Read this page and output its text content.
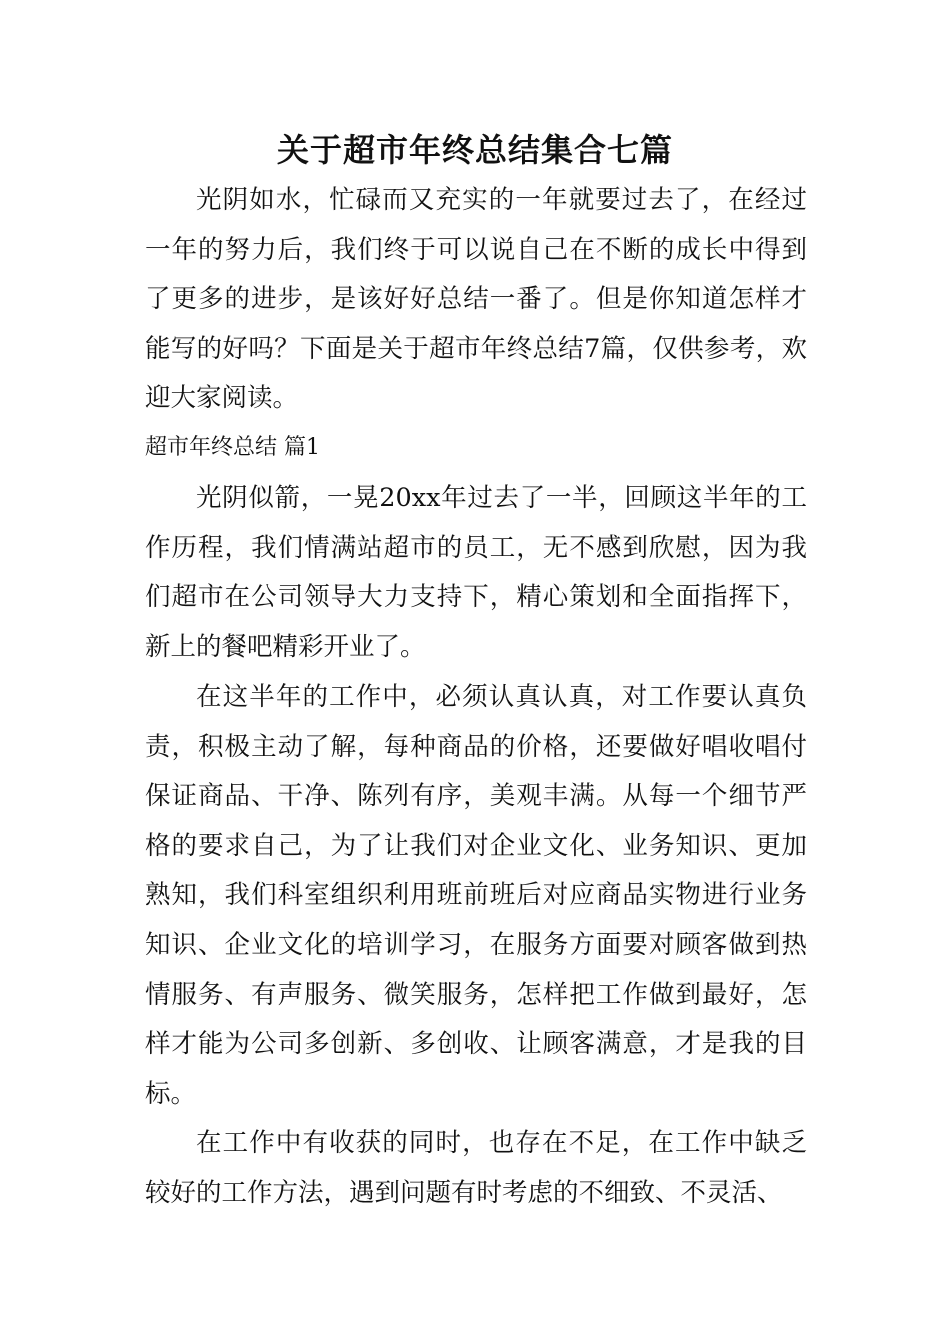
关于超市年终总结集合七篇

光阴如水，忙碌而又充实的一年就要过去了，在经过一年的努力后，我们终于可以说自己在不断的成长中得到了更多的进步，是该好好总结一番了。但是你知道怎样才能写的好吗？下面是关于超市年终总结7篇，仅供参考，欢迎大家阅读。

超市年终总结 篇1

光阴似箭，一晃20xx年过去了一半，回顾这半年的工作历程，我们情满站超市的员工，无不感到欣慰，因为我们超市在公司领导大力支持下，精心策划和全面指挥下，新上的餐吧精彩开业了。

在这半年的工作中，必须认真认真，对工作要认真负责，积极主动了解，每种商品的价格，还要做好唱收唱付保证商品、干净、陈列有序，美观丰满。从每一个细节严格的要求自己，为了让我们对企业文化、业务知识、更加熟知，我们科室组织利用班前班后对应商品实物进行业务知识、企业文化的培训学习，在服务方面要对顾客做到热情服务、有声服务、微笑服务，怎样把工作做到最好，怎样才能为公司多创新、多创收、让顾客满意，才是我的目标。

在工作中有收获的同时，也存在不足，在工作中缺乏较好的工作方法，遇到问题有时考虑的不细致、不灵活、
